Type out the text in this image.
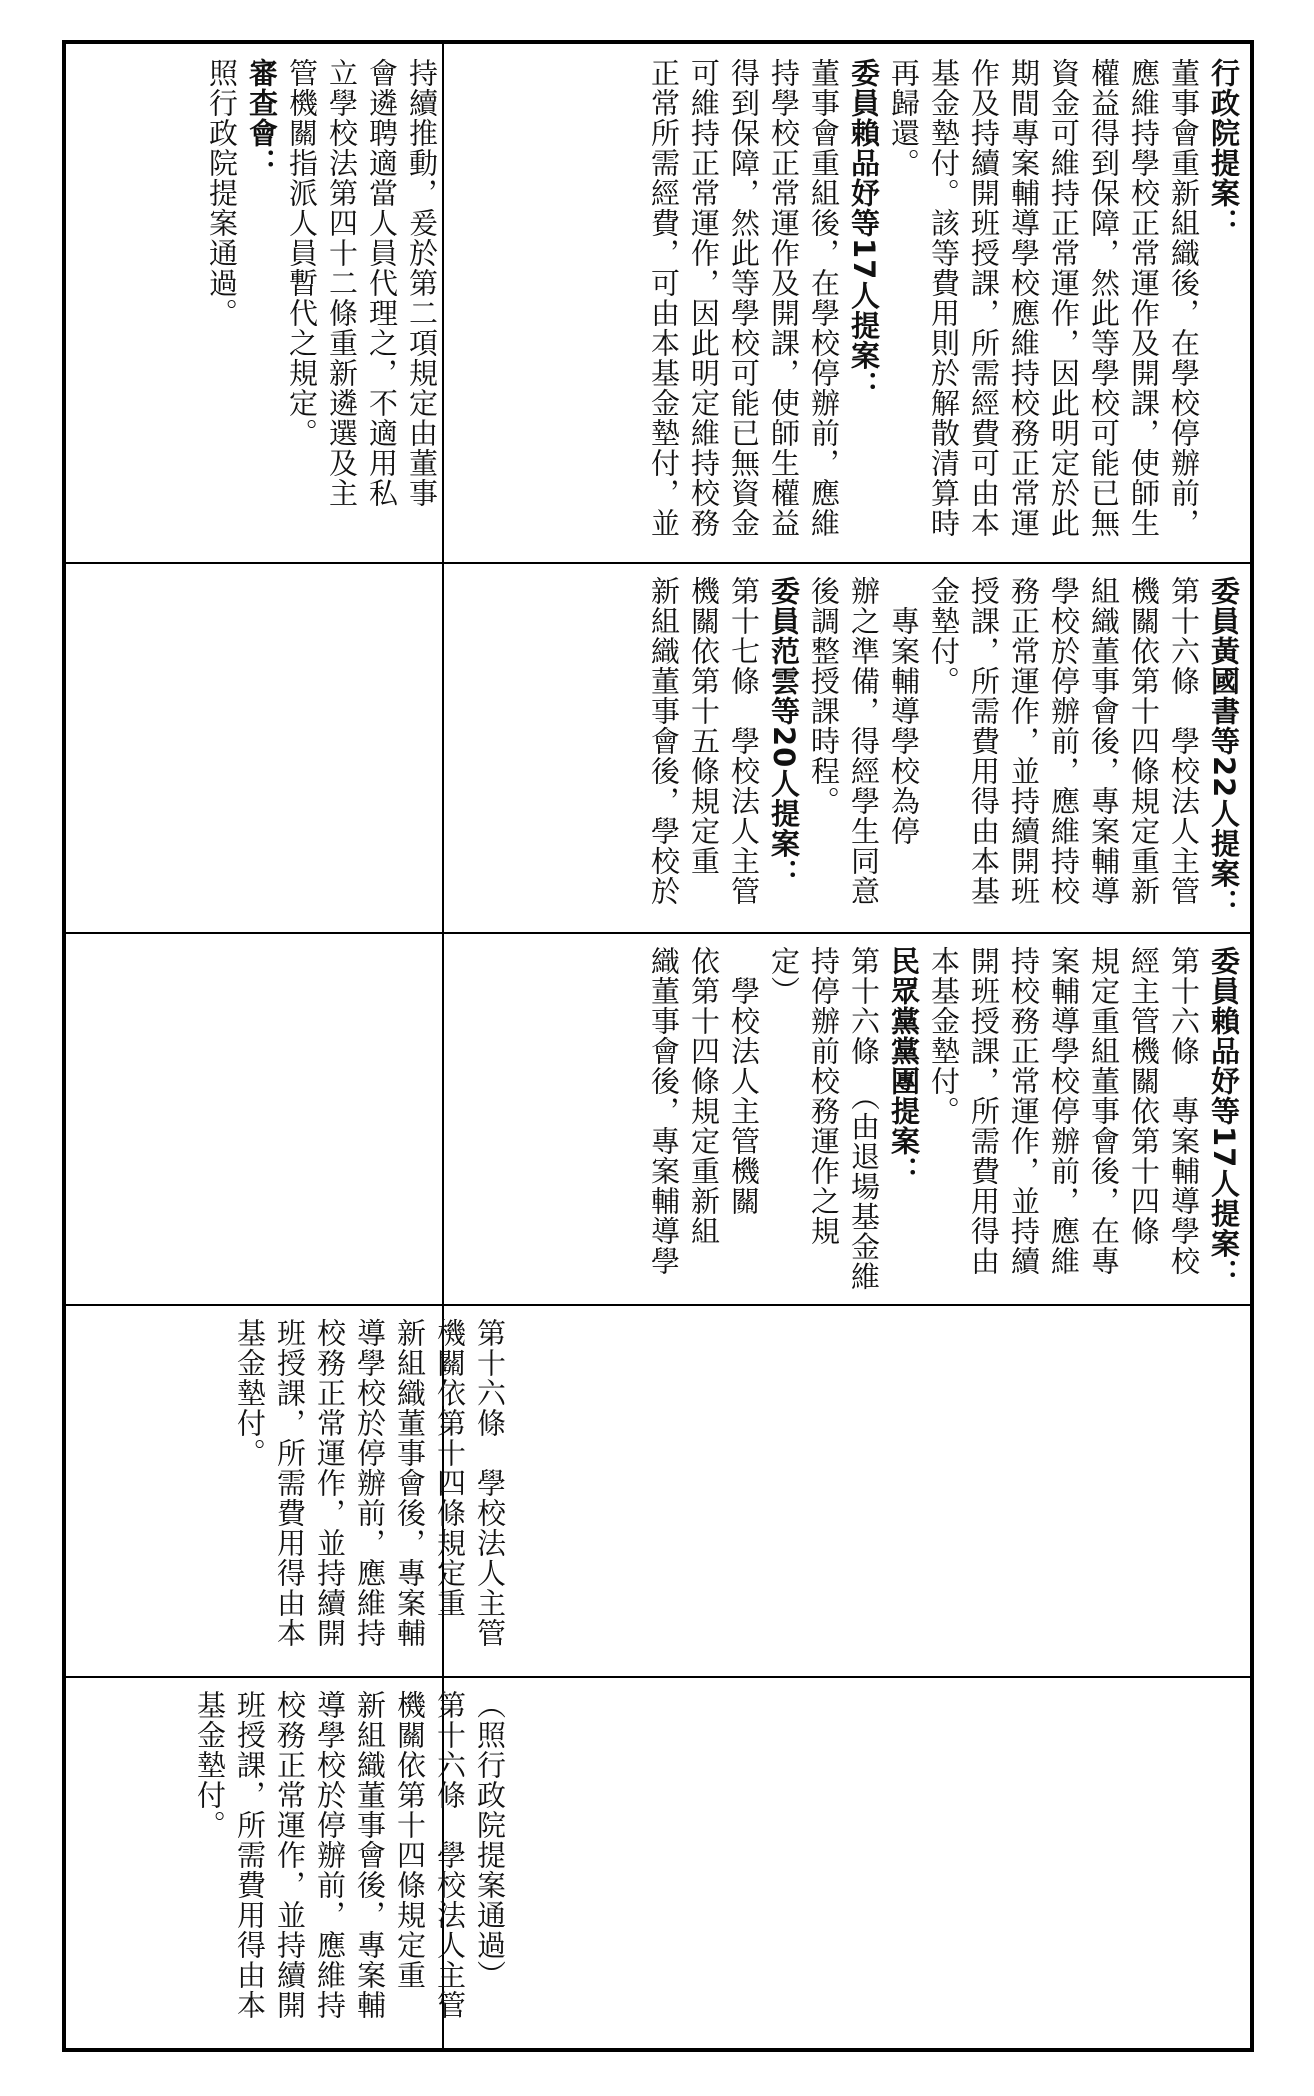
持續推動，爰於第二項規定由董事

會遴聘適當人員代理之，不適用私

立學校法第四十二條重新遴選及主

管機關指派人員暫代之規定。

審查會：

照行政院提案通過。	行政院提案：

董事會重新組織後，在學校停辦前，

應維持學校正常運作及開課，使師生

權益得到保障，然此等學校可能已無

資金可維持正常運作，因此明定於此

期間專案輔導學校應維持校務正常運

作及持續開班授課，所需經費可由本

基金墊付。該等費用則於解散清算時

再歸還。

委員賴品妤等17人提案：

董事會重組後，在學校停辦前，應維

持學校正常運作及開課，使師生權益

得到保障，然此等學校可能已無資金

可維持正常運作，因此明定維持校務

正常所需經費，可由本基金墊付，並

委員黃國書等22人提案：

第十六條　學校法人主管

機關依第十四條規定重新

組織董事會後，專案輔導

學校於停辦前，應維持校

務正常運作，並持續開班

授課，所需費用得由本基

金墊付。

專案輔導學校為停

辦之準備，得經學生同意

後調整授課時程。

委員范雲等20人提案：

第十七條　學校法人主管

機關依第十五條規定重

新組織董事會後，學校於

委員賴品妤等17人提案：

第十六條　專案輔導學校

經主管機關依第十四條

規定重組董事會後，在專

案輔導學校停辦前，應維

持校務正常運作，並持續

開班授課，所需費用得由

本基金墊付。

民眾黨黨團提案：

第十六條　（由退場基金維

持停辦前校務運作之規

定）

學校法人主管機關

依第十四條規定重新組

織董事會後，專案輔導學

第十六條　學校法人主管

機關依第十四條規定重

新組織董事會後，專案輔

導學校於停辦前，應維持

校務正常運作，並持續開

班授課，所需費用得由本

基金墊付。

（照行政院提案通過）

第十六條　學校法人主管

機關依第十四條規定重

新組織董事會後，專案輔

導學校於停辦前，應維持

校務正常運作，並持續開

班授課，所需費用得由本

基金墊付。
